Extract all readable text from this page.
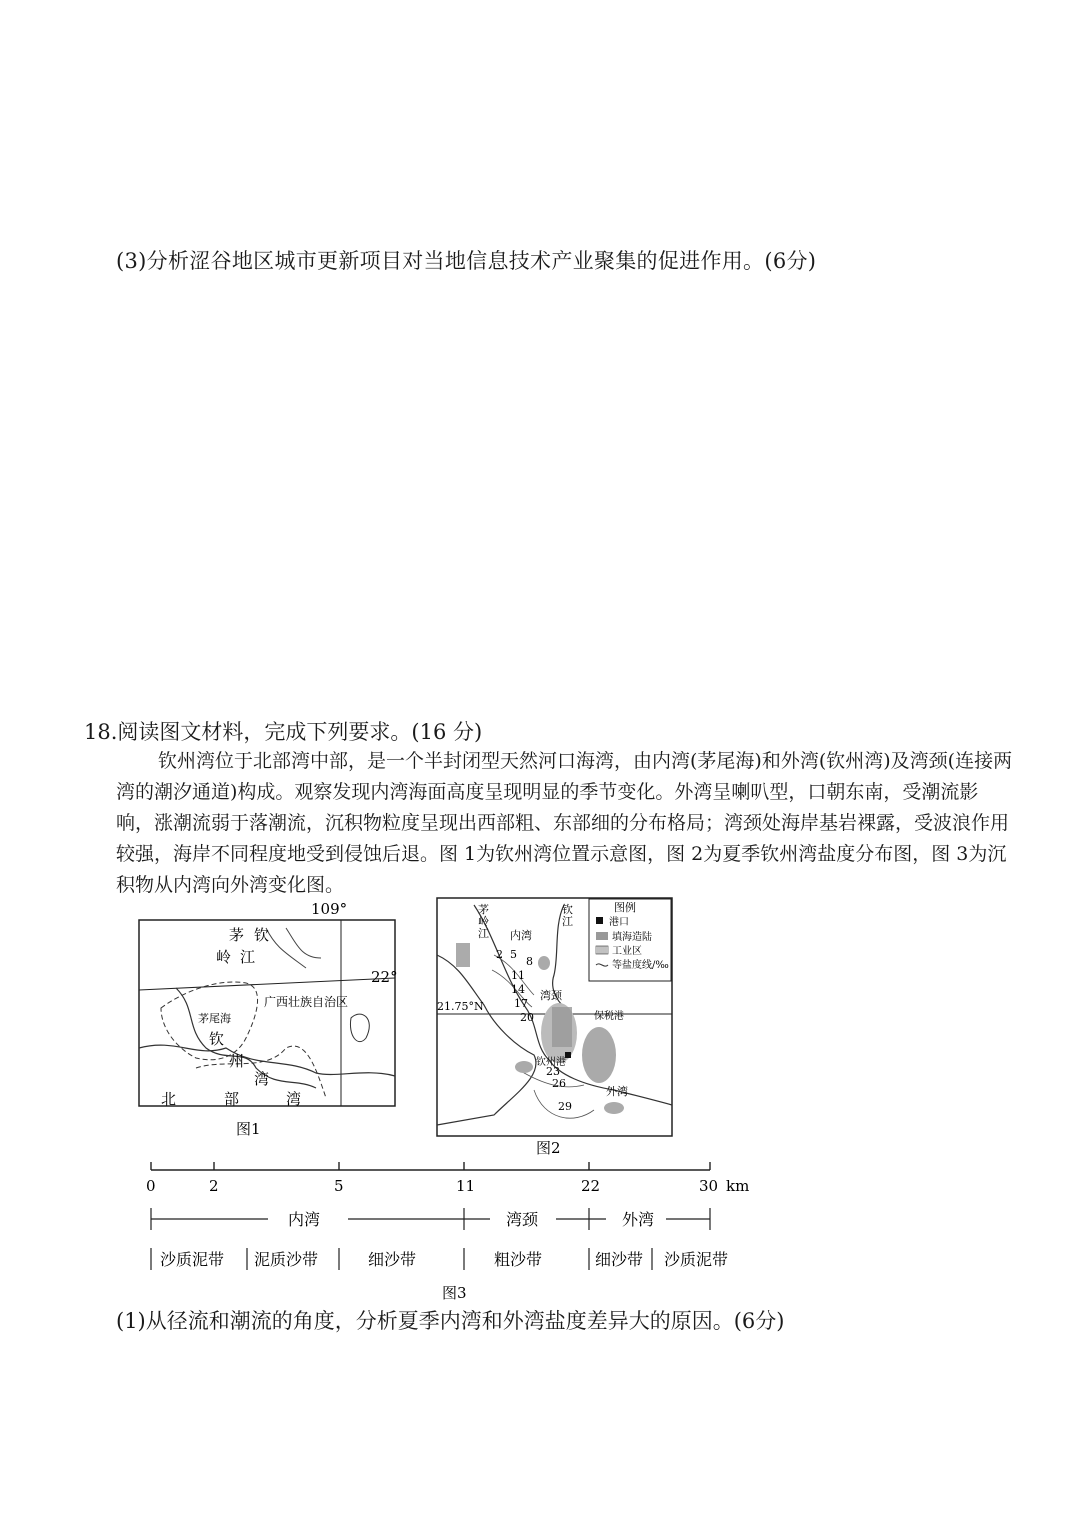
(3)分析涩谷地区城市更新项目对当地信息技术产业聚集的促进作用。(6分)
18.阅读图文材料，完成下列要求。(16 分)
钦州湾位于北部湾中部，是一个半封闭型天然河口海湾，由内湾(茅尾海)和外湾(钦州湾)及湾颈(连接两湾的潮汐通道)构成。观察发现内湾海面高度呈现明显的季节变化。外湾呈喇叭型，口朝东南，受潮流影响，涨潮流弱于落潮流，沉积物粒度呈现出西部粗、东部细的分布格局；湾颈处海岸基岩裸露，受波浪作用较强，海岸不同程度地受到侵蚀后退。图 1为钦州湾位置示意图，图 2为夏季钦州湾盐度分布图，图 3为沉积物从内湾向外湾变化图。
109°
22°
茅 钦
岭 江
广西壮族自治区
茅尾海
钦
州
湾
北	部	湾
图1
茅
岭
江
钦
江
内湾
湾颈
保税港
钦州港
外湾
2 5
8
11
14
17
20
23
26
29
21.75°N
图例
港口
填海造陆
工业区
等盐度线/‰
图2
0	2	5	11	22	30 km
内湾	湾颈	外湾
沙质泥带 泥质沙带	细沙带	粗沙带	细沙带 沙质泥带
图3
(1)从径流和潮流的角度，分析夏季内湾和外湾盐度差异大的原因。(6分)
